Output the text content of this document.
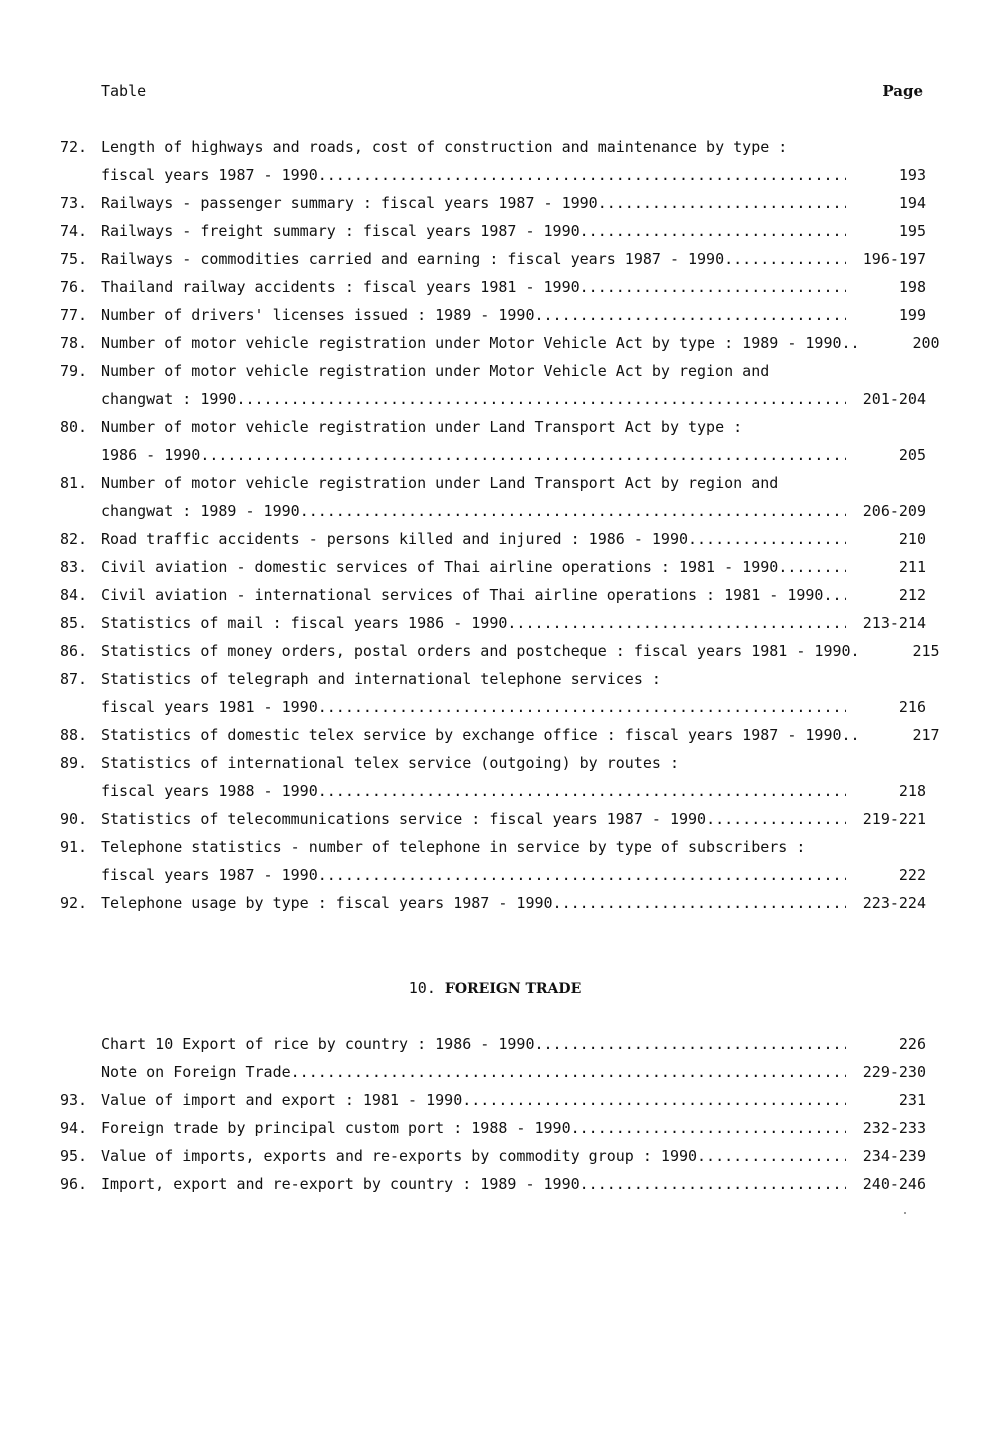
Table	Page
72. Length of highways and roads, cost of construction and maintenance by type :
fiscal years 1987 - 1990 .....	193
73. Railways - passenger summary : fiscal years 1987 - 1990 .....	194
74. Railways - freight summary : fiscal years 1987 - 1990 .....	195
75. Railways - commodities carried and earning : fiscal years 1987 - 1990 .....	196-197
76. Thailand railway accidents : fiscal years 1981 - 1990 .....	198
77. Number of drivers' licenses issued : 1989 - 1990 .....	199
78. Number of motor vehicle registration under Motor Vehicle Act by type : 1989 - 1990..	200
79. Number of motor vehicle registration under Motor Vehicle Act by region and
changwat : 1990 .....	201-204
80. Number of motor vehicle registration under Land Transport Act by type :
1986 - 1990 .....	205
81. Number of motor vehicle registration under Land Transport Act by region and
changwat : 1989 - 1990 .....	206-209
82. Road traffic accidents - persons killed and injured : 1986 - 1990 .....	210
83. Civil aviation - domestic services of Thai airline operations : 1981 - 1990 .....	211
84. Civil aviation - international services of Thai airline operations : 1981 - 1990 .....	212
85. Statistics of mail : fiscal years 1986 - 1990 .....	213-214
86. Statistics of money orders, postal orders and postcheque : fiscal years 1981 - 1990.	215
87. Statistics of telegraph and international telephone services :
fiscal years 1981 - 1990 .....	216
88. Statistics of domestic telex service by exchange office : fiscal years 1987 - 1990..	217
89. Statistics of international telex service (outgoing) by routes :
fiscal years 1988 - 1990 .....	218
90. Statistics of telecommunications service : fiscal years 1987 - 1990 .....	219-221
91. Telephone statistics - number of telephone in service by type of subscribers :
fiscal years 1987 - 1990 .....	222
92. Telephone usage by type : fiscal years 1987 - 1990 .....	223-224
10. FOREIGN TRADE
Chart 10 Export of rice by country : 1986 - 1990 .....	226
Note on Foreign Trade .....	229-230
93. Value of import and export : 1981 - 1990 .....	231
94. Foreign trade by principal custom port : 1988 - 1990 .....	232-233
95. Value of imports, exports and re-exports by commodity group : 1990 .....	234-239
96. Import, export and re-export by country : 1989 - 1990 .....	240-246
